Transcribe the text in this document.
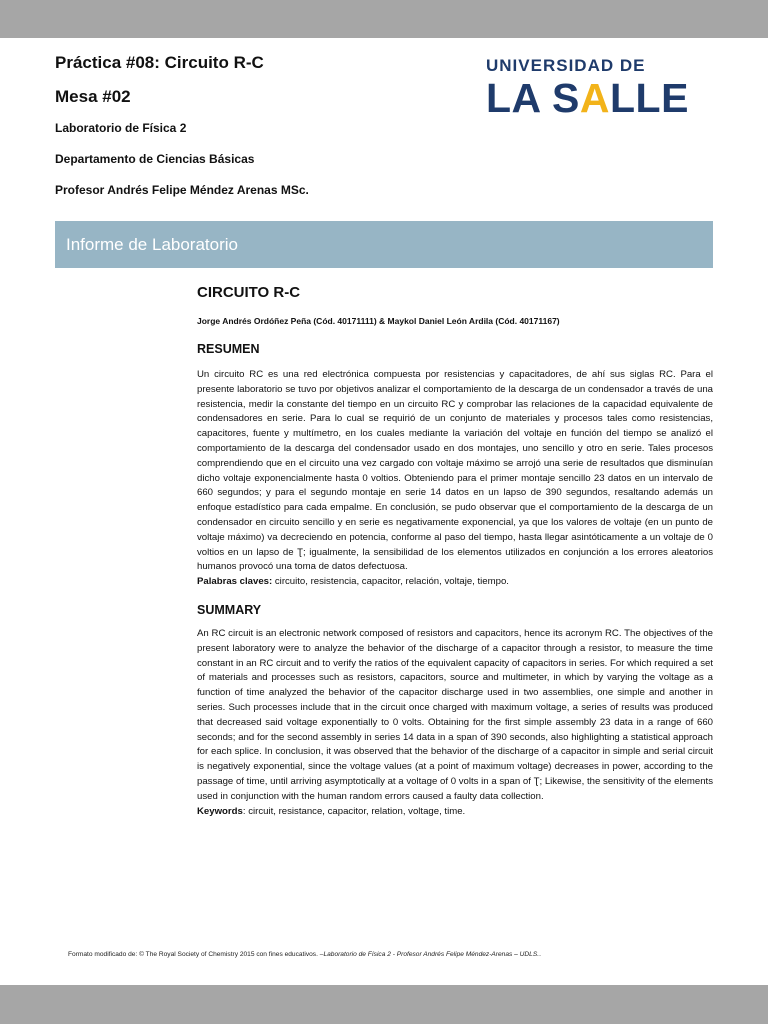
Práctica #08: Circuito R-C
Mesa #02
Laboratorio de Física 2
Departamento de Ciencias Básicas
Profesor Andrés Felipe Méndez Arenas MSc.
UNIVERSIDAD DE
LA SALLE
Informe de Laboratorio
CIRCUITO R-C
Jorge Andrés Ordóñez Peña (Cód. 40171111) & Maykol Daniel León Ardila (Cód. 40171167)
RESUMEN
Un circuito RC es una red electrónica compuesta por resistencias y capacitadores, de ahí sus siglas RC. Para el presente laboratorio se tuvo por objetivos analizar el comportamiento de la descarga de un condensador a través de una resistencia, medir la constante del tiempo en un circuito RC y comprobar las relaciones de la capacidad equivalente de condensadores en serie. Para lo cual se requirió de un conjunto de materiales y procesos tales como resistencias, capacitores, fuente y multímetro, en los cuales mediante la variación del voltaje en función del tiempo se analizó el comportamiento de la descarga del condensador usado en dos montajes, uno sencillo y otro en serie. Tales procesos comprendiendo que en el circuito una vez cargado con voltaje máximo se arrojó una serie de resultados que disminuían dicho voltaje exponencialmente hasta 0 voltios. Obteniendo para el primer montaje sencillo 23 datos en un intervalo de 660 segundos; y para el segundo montaje en serie 14 datos en un lapso de 390 segundos, resaltando además un enfoque estadístico para cada empalme. En conclusión, se pudo observar que el comportamiento de la descarga de un condensador en circuito sencillo y en serie es negativamente exponencial, ya que los valores de voltaje (en un punto de voltaje máximo) va decreciendo en potencia, conforme al paso del tiempo, hasta llegar asintóticamente a un voltaje de 0 voltios en un lapso de Ʈ; igualmente, la sensibilidad de los elementos utilizados en conjunción a los errores aleatorios humanos provocó una toma de datos defectuosa.
Palabras claves: circuito, resistencia, capacitor, relación, voltaje, tiempo.
SUMMARY
An RC circuit is an electronic network composed of resistors and capacitors, hence its acronym RC. The objectives of the present laboratory were to analyze the behavior of the discharge of a capacitor through a resistor, to measure the time constant in an RC circuit and to verify the ratios of the equivalent capacity of capacitors in series. For which required a set of materials and processes such as resistors, capacitors, source and multimeter, in which by varying the voltage as a function of time analyzed the behavior of the capacitor discharge used in two assemblies, one simple and another in series. Such processes include that in the circuit once charged with maximum voltage, a series of results was produced that decreased said voltage exponentially to 0 volts. Obtaining for the first simple assembly 23 data in a range of 660 seconds; and for the second assembly in series 14 data in a span of 390 seconds, also highlighting a statistical approach for each splice. In conclusion, it was observed that the behavior of the discharge of a capacitor in simple and serial circuit is negatively exponential, since the voltage values (at a point of maximum voltage) decreases in power, according to the passage of time, until arriving asymptotically at a voltage of 0 volts in a span of Ʈ; Likewise, the sensitivity of the elements used in conjunction with the human random errors caused a faulty data collection.
Keywords: circuit, resistance, capacitor, relation, voltage, time.
Formato modificado de: © The Royal Society of Chemistry 2015 con fines educativos. –Laboratorio de Física 2 - Profesor Andrés Felipe Méndez-Arenas – UDLS..
